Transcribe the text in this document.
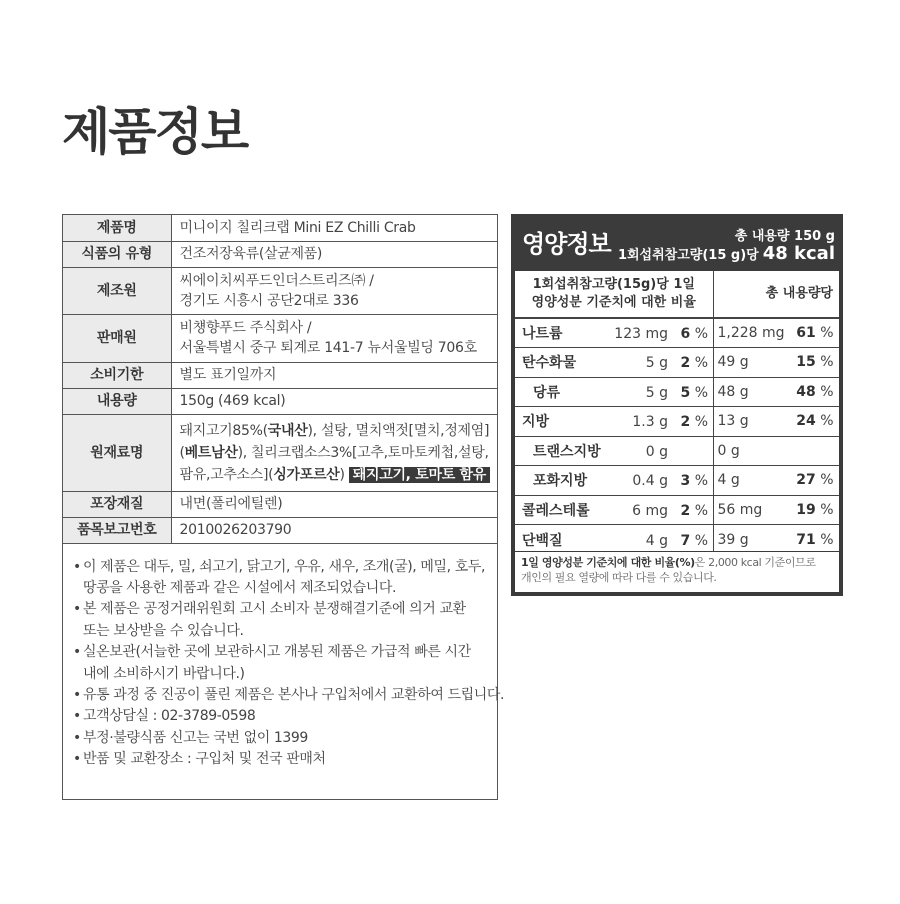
제품정보
제품명	미니이지 칠리크랩 Mini EZ Chilli Crab
식품의 유형	건조저장육류(살균제품)
제조원	씨에이치씨푸드인더스트리즈㈜ /
경기도 시흥시 공단2대로 336

판매원	비첑향푸드 주식회사 /
서울특별시 중구 퇴계로 141-7 뉴서울빌딩 706호

소비기한	별도 표기일까지
내용량	150g (469 kcal)
원재료명	돼지고기85%(국내산), 설탕, 멸치액젓[멸치,정제염]
(베트남산), 칠리크랩소스3%[고추,토마토케첩,설탕,
팜유,고추소스](싱가포르산) 돼지고기, 토마토 함유

포장재질	내면(폴리에틸렌)
품목보고번호	2010026203790
• 이 제품은 대두, 밀, 쇠고기, 닭고기, 우유, 새우, 조개(굴), 메밀, 호두,
땅콩을 사용한 제품과 같은 시설에서 제조되었습니다.
• 본 제품은 공정거래위원회 고시 소비자 분쟁해결기준에 의거 교환
또는 보상받을 수 있습니다.
• 실온보관(서늘한 곳에 보관하시고 개봉된 제품은 가급적 빠른 시간
내에 소비하시기 바랍니다.)
• 유통 과정 중 진공이 풀린 제품은 본사나 구입처에서 교환하여 드립니다.
• 고객상담실 : 02-3789-0598
• 부정·불량식품 신고는 국번 없이 1399
• 반품 및 교환장소 : 구입처 및 전국 판매처
영양정보	총 내용량 150 g
1회섭취참고량(15 g)당 48 kcal
1회섭취참고량(15g)당 1일
영양성분 기준치에 대한 비율	총 내용량당
나트륨 123 mg 6 %	1,228 mg 61 %
탄수화물 5 g 2 %	49 g 15 %
당류 5 g 5 %	48 g 48 %
지방 1.3 g 2 %	13 g 24 %
트랜스지방 0 g	0 g
포화지방 0.4 g 3 %	4 g 27 %
콜레스테롤 6 mg 2 %	56 mg 19 %
단백질 4 g 7 %	39 g 71 %
1일 영양성분 기준치에 대한 비율(%)은 2,000 kcal 기준이므로
개인의 필요 열량에 따라 다를 수 있습니다.
